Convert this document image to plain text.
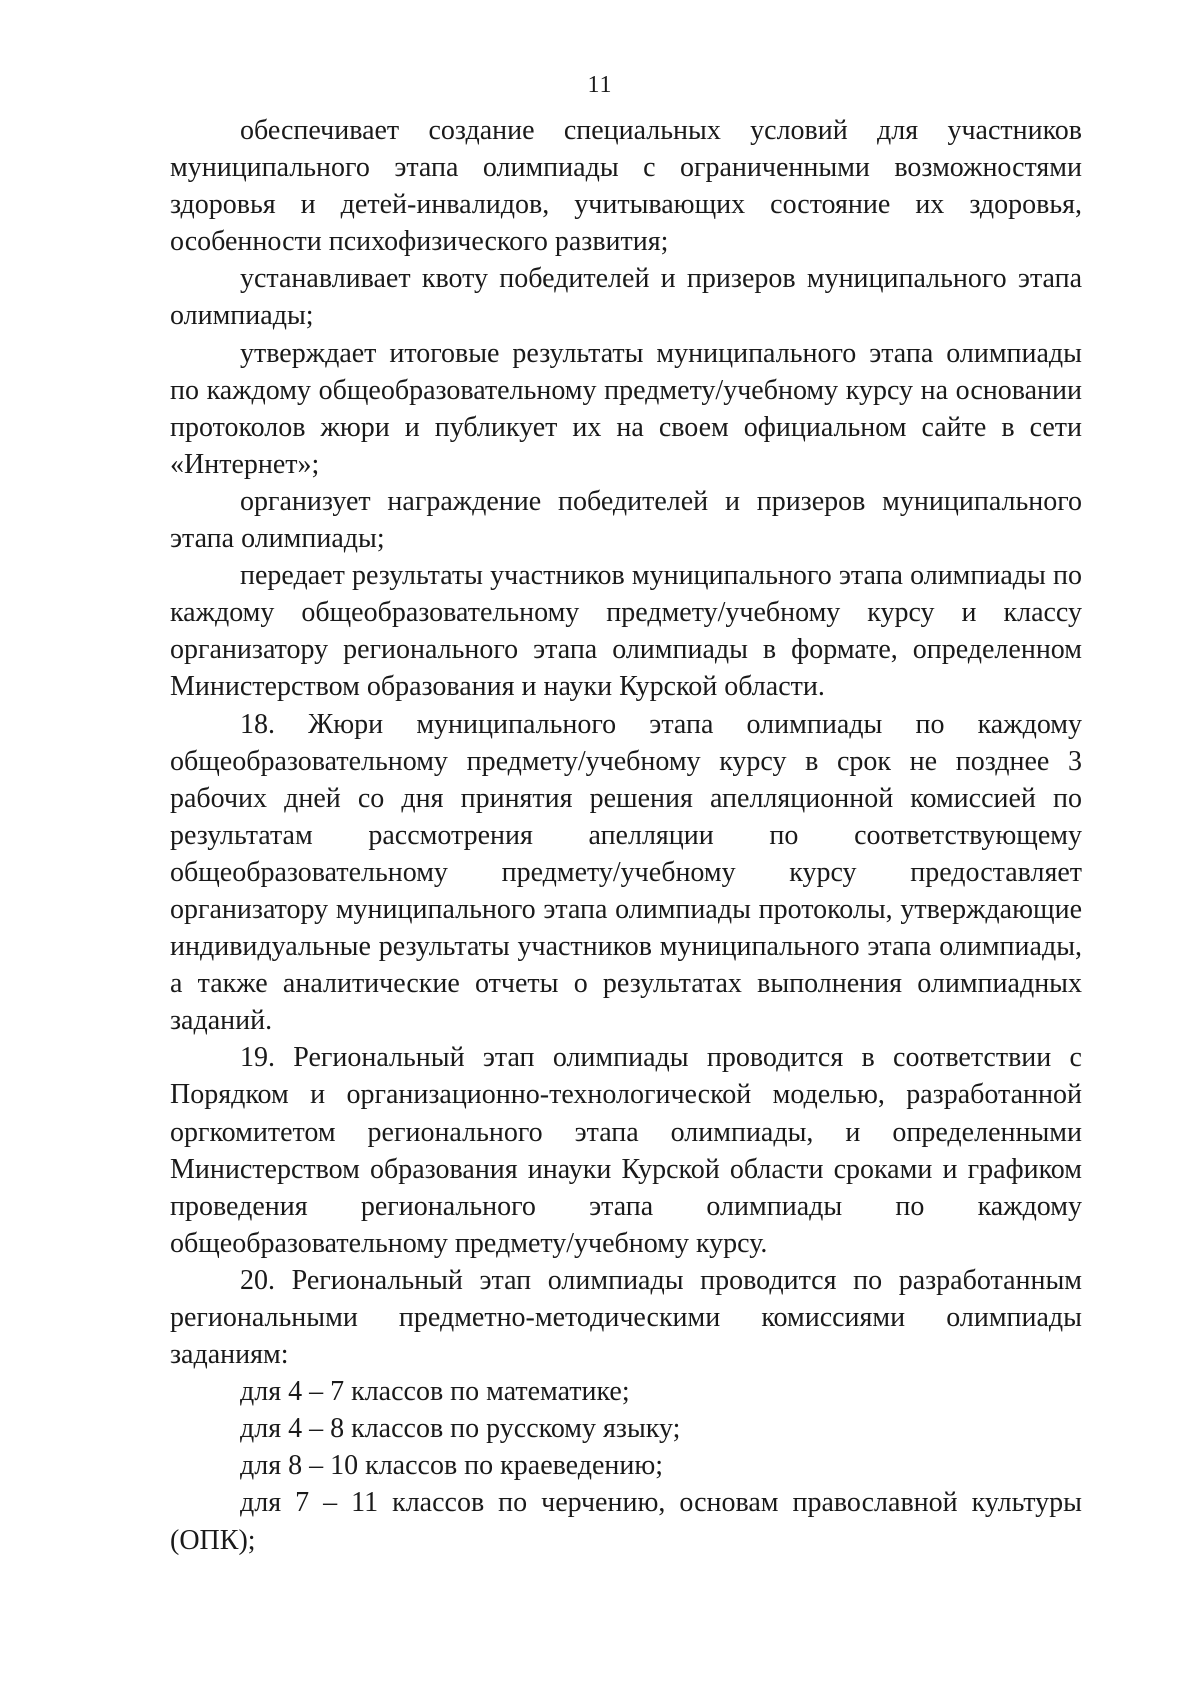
11

обеспечивает создание специальных условий для участников муниципального этапа олимпиады с ограниченными возможностями здоровья и детей-инвалидов, учитывающих состояние их здоровья, особенности психофизического развития;

устанавливает квоту победителей и призеров муниципального этапа олимпиады;

утверждает итоговые результаты муниципального этапа олимпиады по каждому общеобразовательному предмету/учебному курсу на основании протоколов жюри и публикует их на своем официальном сайте в сети «Интернет»;

организует награждение победителей и призеров муниципального этапа олимпиады;

передает результаты участников муниципального этапа олимпиады по каждому общеобразовательному предмету/учебному курсу и классу организатору регионального этапа олимпиады в формате, определенном Министерством образования и науки Курской области.

18. Жюри муниципального этапа олимпиады по каждому общеобразовательному предмету/учебному курсу в срок не позднее 3 рабочих дней со дня принятия решения апелляционной комиссией по результатам рассмотрения апелляции по соответствующему общеобразовательному предмету/учебному курсу предоставляет организатору муниципального этапа олимпиады протоколы, утверждающие индивидуальные результаты участников муниципального этапа олимпиады, а также аналитические отчеты о результатах выполнения олимпиадных заданий.

19. Региональный этап олимпиады проводится в соответствии с Порядком и организационно-технологической моделью, разработанной оргкомитетом регионального этапа олимпиады, и определенными Министерством образования инауки Курской области сроками и графиком проведения регионального этапа олимпиады по каждому общеобразовательному предмету/учебному курсу.

20. Региональный этап олимпиады проводится по разработанным региональными предметно-методическими комиссиями олимпиады заданиям:

для 4 – 7 классов по математике;

для 4 – 8 классов по русскому языку;

для 8 – 10 классов по краеведению;

для 7 – 11 классов по черчению, основам православной культуры (ОПК);
